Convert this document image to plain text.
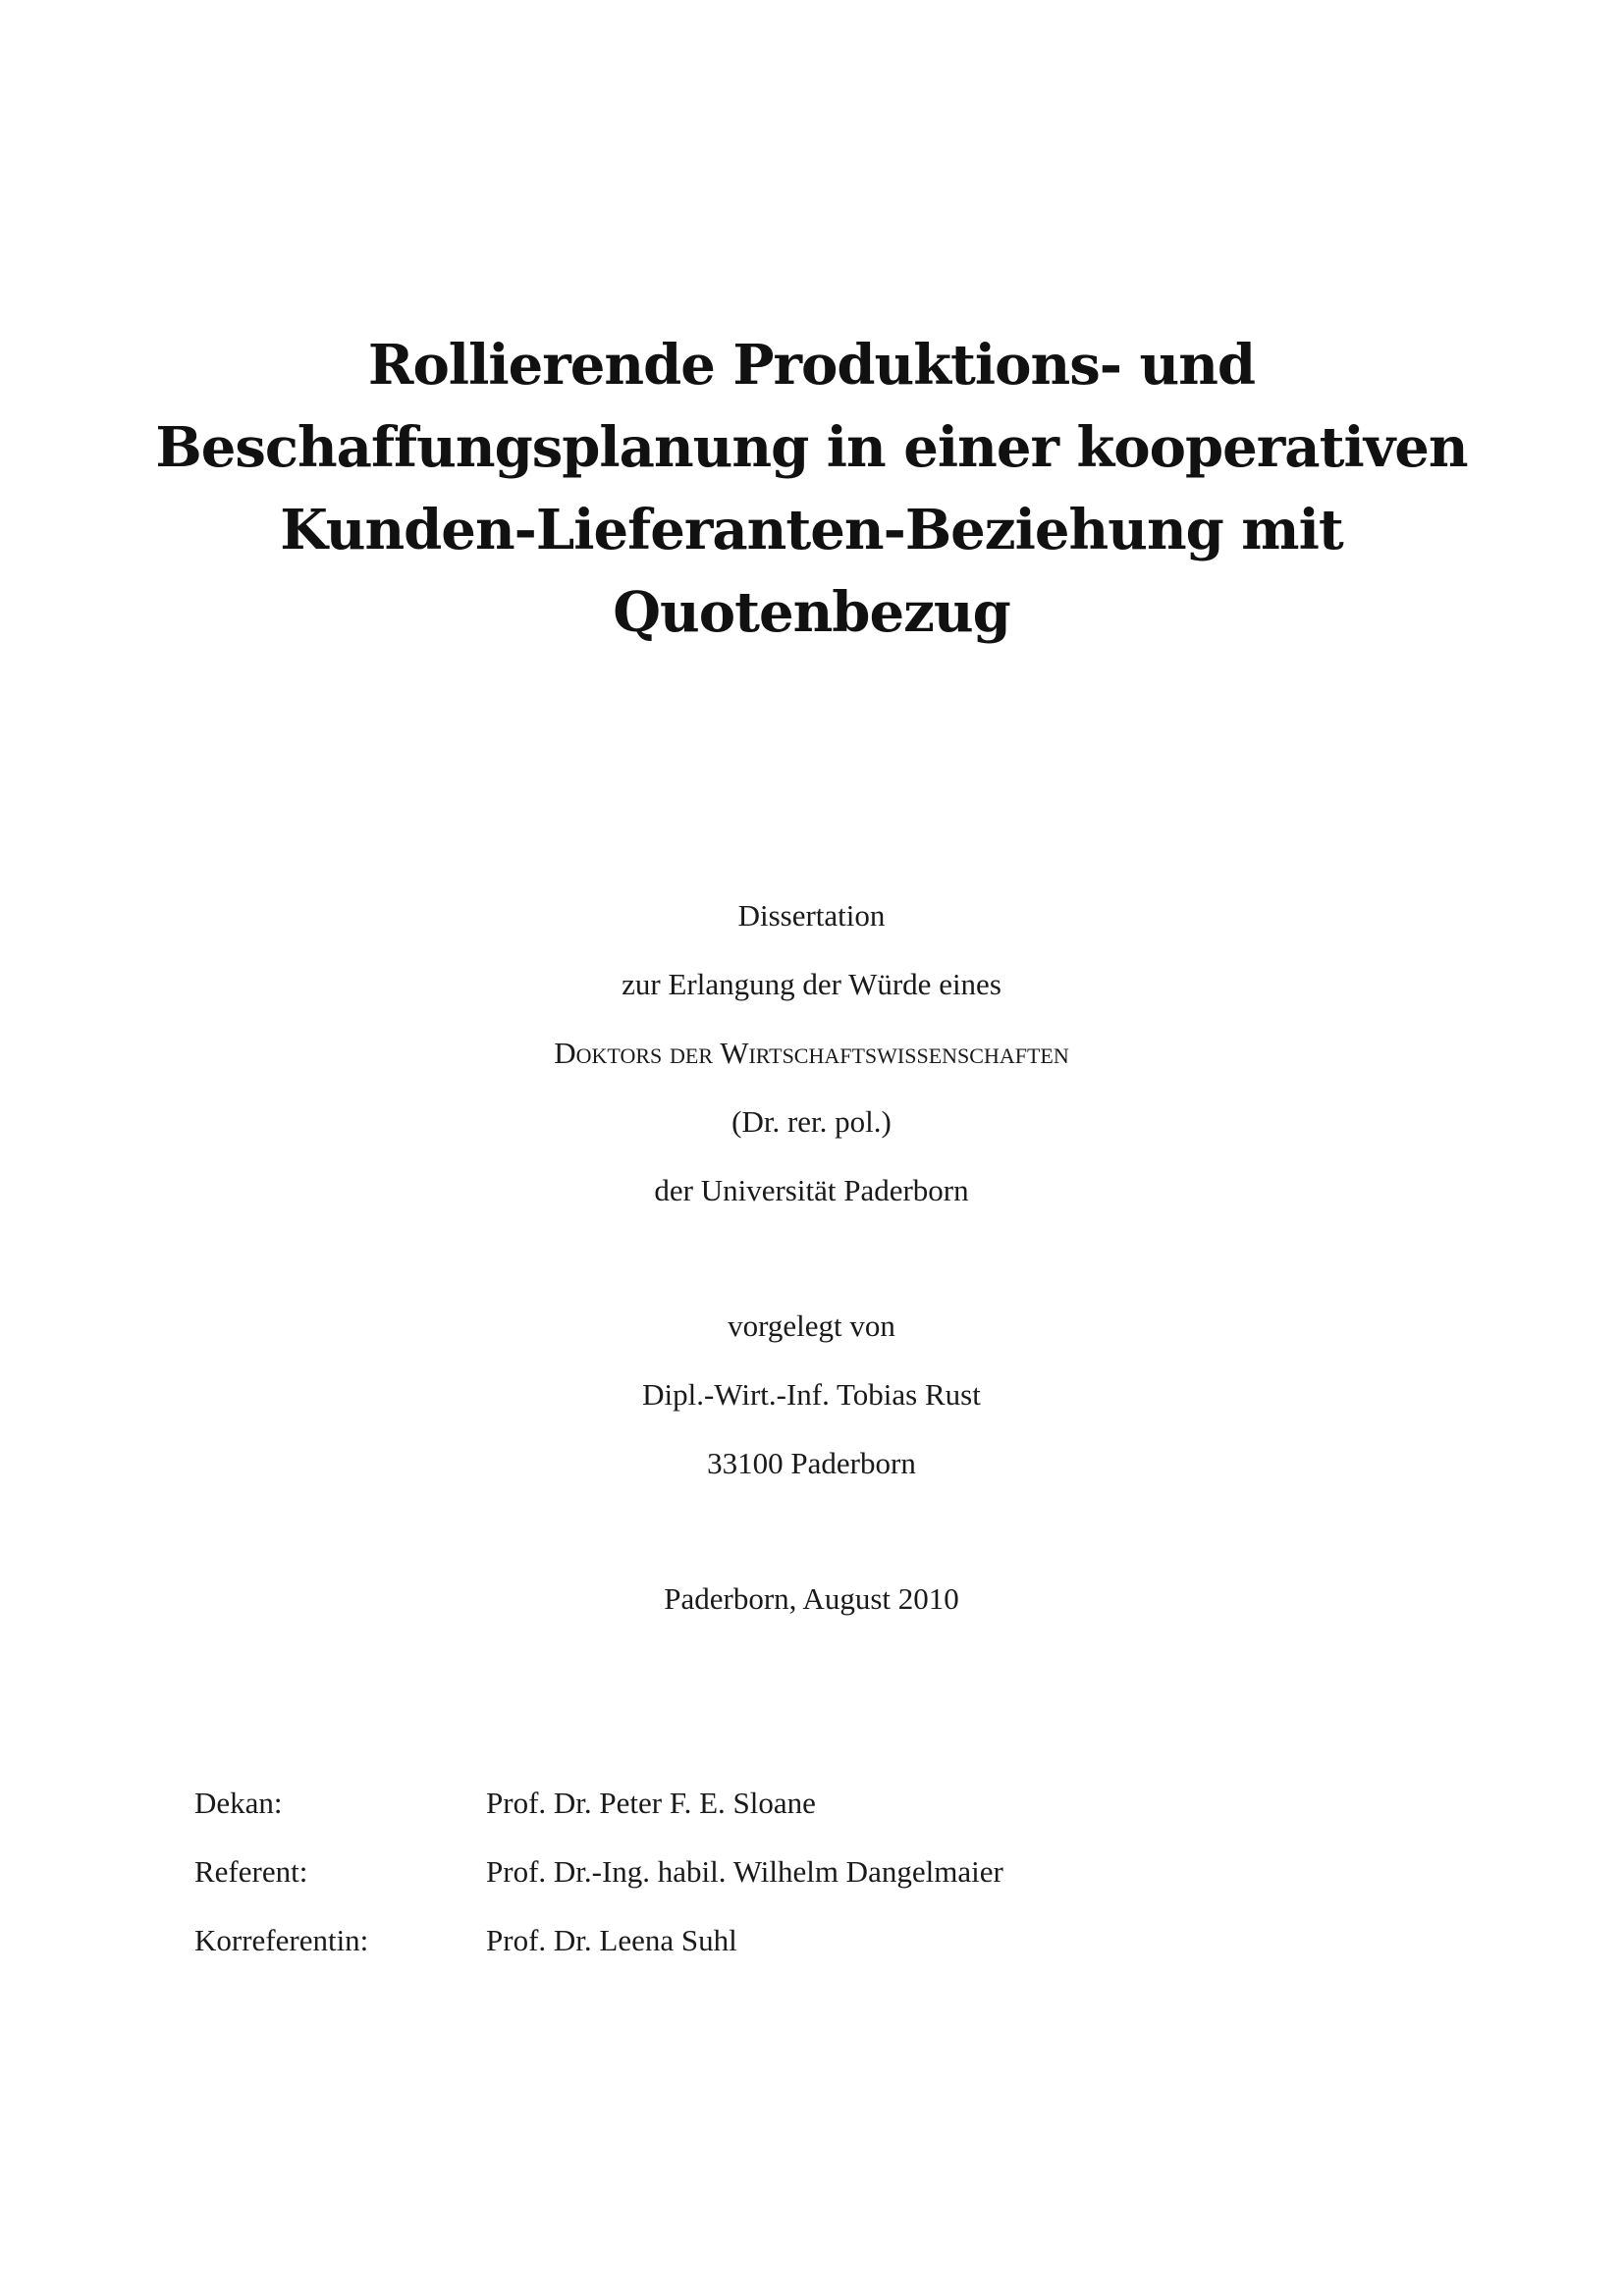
Rollierende Produktions- und
Beschaffungsplanung in einer kooperativen
Kunden-Lieferanten-Beziehung mit
Quotenbezug
Dissertation
zur Erlangung der Würde eines
Doktors der Wirtschaftswissenschaften
(Dr. rer. pol.)
der Universität Paderborn
vorgelegt von
Dipl.-Wirt.-Inf. Tobias Rust
33100 Paderborn
Paderborn, August 2010
Dekan:	Prof. Dr. Peter F. E. Sloane
Referent:	Prof. Dr.-Ing. habil. Wilhelm Dangelmaier
Korreferentin:	Prof. Dr. Leena Suhl
